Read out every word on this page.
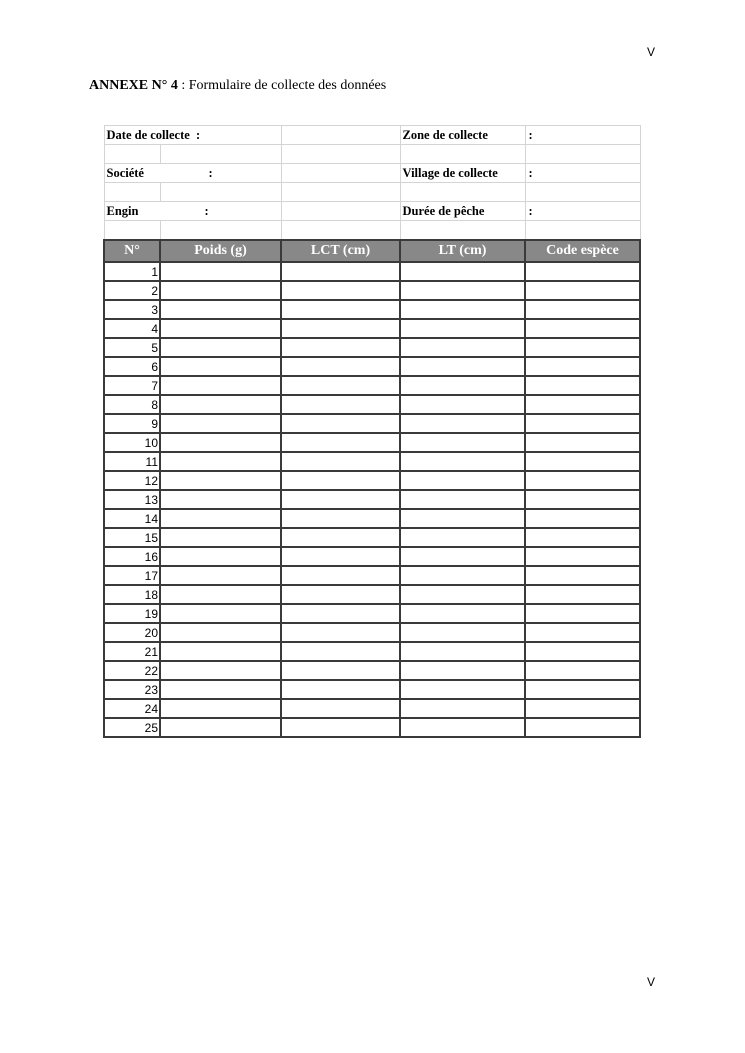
V
ANNEXE N° 4 : Formulaire de collecte des données
Date de collecte :			Zone de collecte	:

Société :			Village de collecte	:

Engin :			Durée de pêche	:

N°	Poids (g)	LCT (cm)	LT (cm)	Code espèce
1				
2				
3				
4				
5				
6				
7				
8				
9				
10				
11				
12				
13				
14				
15				
16				
17				
18				
19				
20				
21				
22				
23				
24				
25				
V
